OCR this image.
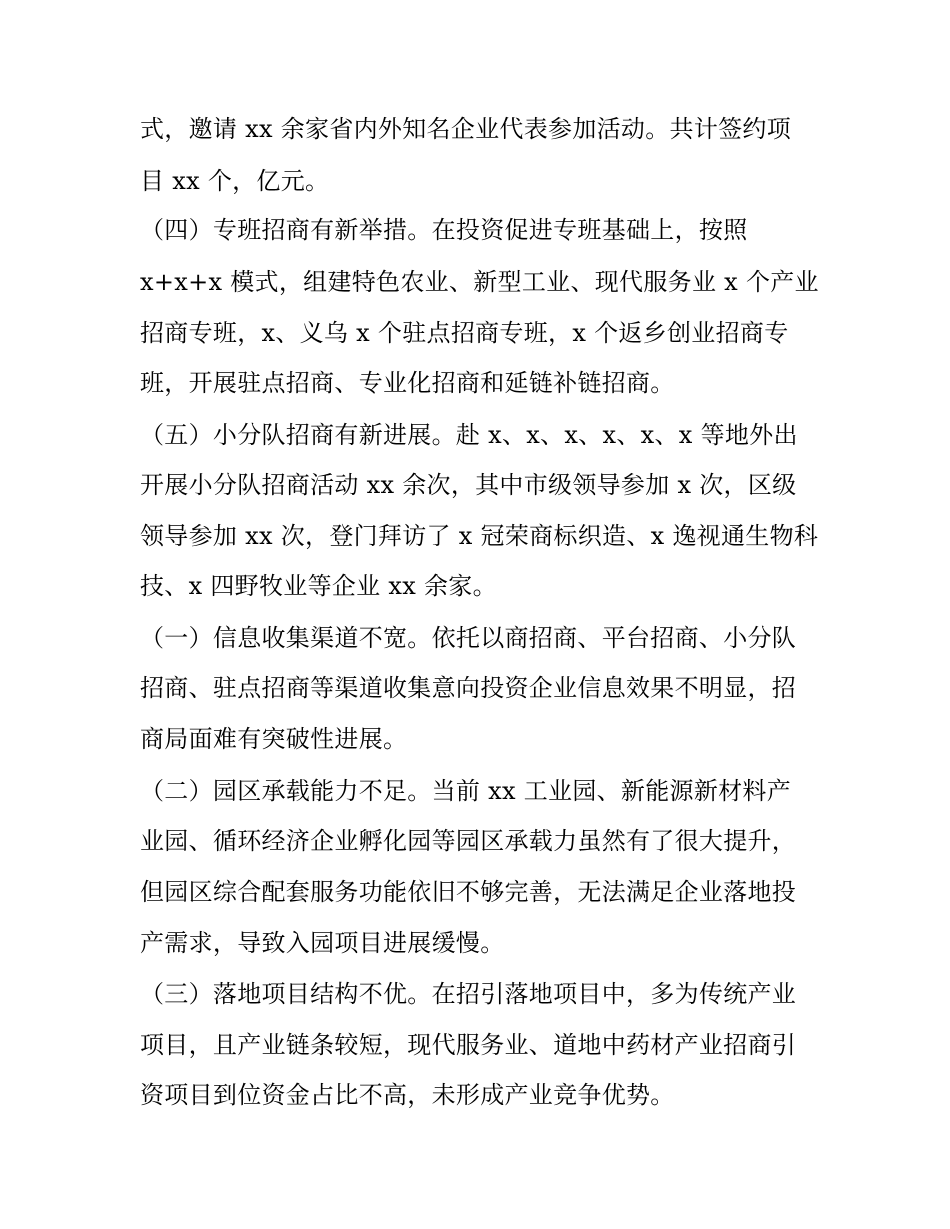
式，邀请 xx 余家省内外知名企业代表参加活动。共计签约项
目 xx 个，亿元。
（四）专班招商有新举措。在投资促进专班基础上，按照
x+x+x 模式，组建特色农业、新型工业、现代服务业 x 个产业
招商专班，x、义乌 x 个驻点招商专班，x 个返乡创业招商专
班，开展驻点招商、专业化招商和延链补链招商。
（五）小分队招商有新进展。赴 x、x、x、x、x、x 等地外出
开展小分队招商活动 xx 余次，其中市级领导参加 x 次，区级
领导参加 xx 次，登门拜访了 x 冠荣商标织造、x 逸视通生物科
技、x 四野牧业等企业 xx 余家。
（一）信息收集渠道不宽。依托以商招商、平台招商、小分队
招商、驻点招商等渠道收集意向投资企业信息效果不明显，招
商局面难有突破性进展。
（二）园区承载能力不足。当前 xx 工业园、新能源新材料产
业园、循环经济企业孵化园等园区承载力虽然有了很大提升，
但园区综合配套服务功能依旧不够完善，无法满足企业落地投
产需求，导致入园项目进展缓慢。
（三）落地项目结构不优。在招引落地项目中，多为传统产业
项目，且产业链条较短，现代服务业、道地中药材产业招商引
资项目到位资金占比不高，未形成产业竞争优势。
